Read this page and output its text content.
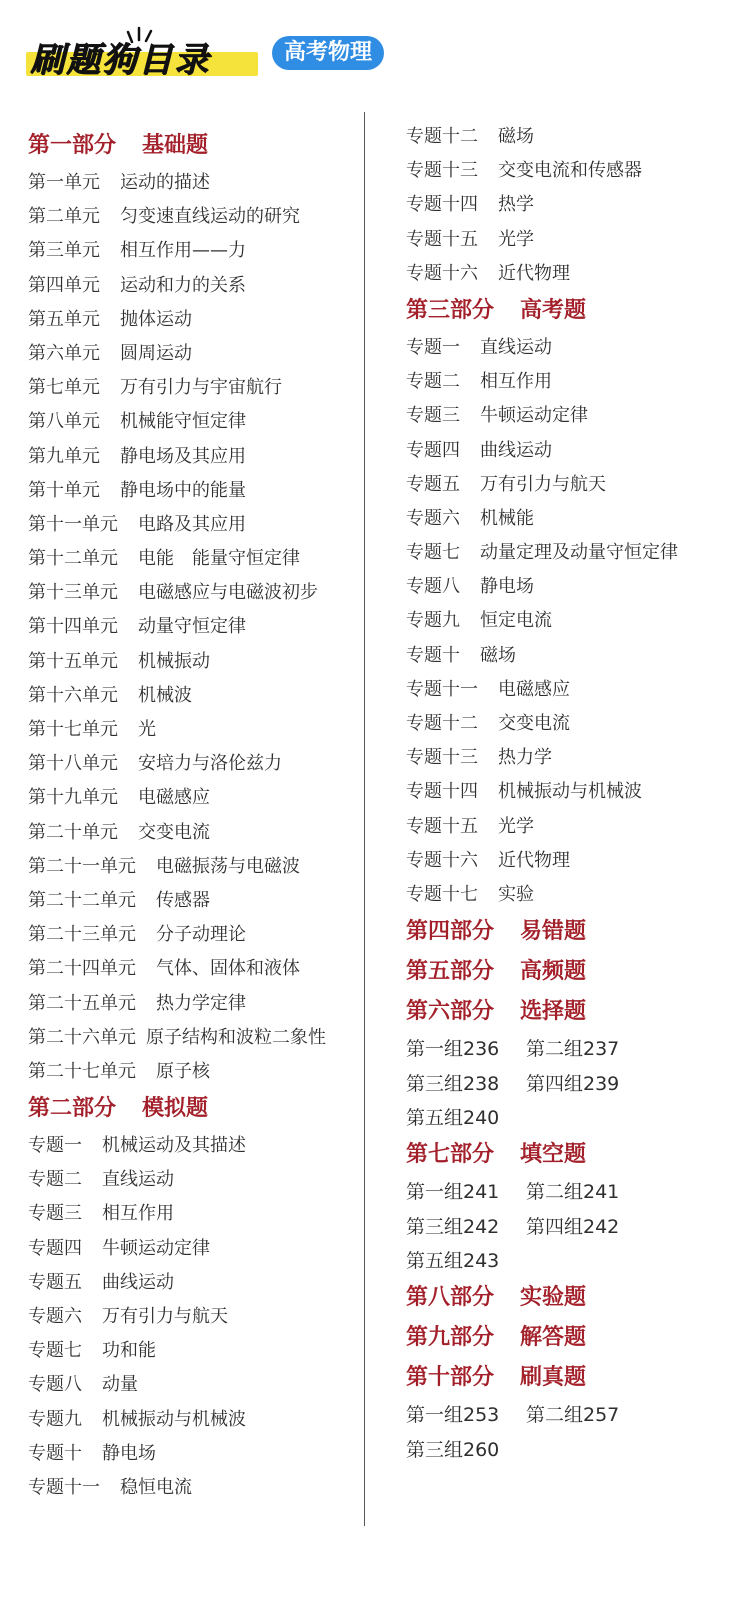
刷题狗目录	高考物理
第一部分 基础题
第一单元 运动的描述
第二单元 匀变速直线运动的研究
第三单元 相互作用——力
第四单元 运动和力的关系
第五单元 抛体运动
第六单元 圆周运动
第七单元 万有引力与宇宙航行
第八单元 机械能守恒定律
第九单元 静电场及其应用
第十单元 静电场中的能量
第十一单元 电路及其应用
第十二单元 电能　能量守恒定律
第十三单元 电磁感应与电磁波初步
第十四单元 动量守恒定律
第十五单元 机械振动
第十六单元 机械波
第十七单元 光
第十八单元 安培力与洛伦兹力
第十九单元 电磁感应
第二十单元 交变电流
第二十一单元 电磁振荡与电磁波
第二十二单元 传感器
第二十三单元 分子动理论
第二十四单元 气体、固体和液体
第二十五单元 热力学定律
第二十六单元 原子结构和波粒二象性
第二十七单元 原子核
第二部分 模拟题
专题一 机械运动及其描述
专题二 直线运动
专题三 相互作用
专题四 牛顿运动定律
专题五 曲线运动
专题六 万有引力与航天
专题七 功和能
专题八 动量
专题九 机械振动与机械波
专题十 静电场
专题十一 稳恒电流
专题十二 磁场
专题十三 交变电流和传感器
专题十四 热学
专题十五 光学
专题十六 近代物理
第三部分 高考题
专题一 直线运动
专题二 相互作用
专题三 牛顿运动定律
专题四 曲线运动
专题五 万有引力与航天
专题六 机械能
专题七 动量定理及动量守恒定律
专题八 静电场
专题九 恒定电流
专题十 磁场
专题十一 电磁感应
专题十二 交变电流
专题十三 热力学
专题十四 机械振动与机械波
专题十五 光学
专题十六 近代物理
专题十七 实验
第四部分 易错题
第五部分 高频题
第六部分 选择题
第一组236 第二组237
第三组238 第四组239
第五组240
第七部分 填空题
第一组241 第二组241
第三组242 第四组242
第五组243
第八部分 实验题
第九部分 解答题
第十部分 刷真题
第一组253 第二组257
第三组260
